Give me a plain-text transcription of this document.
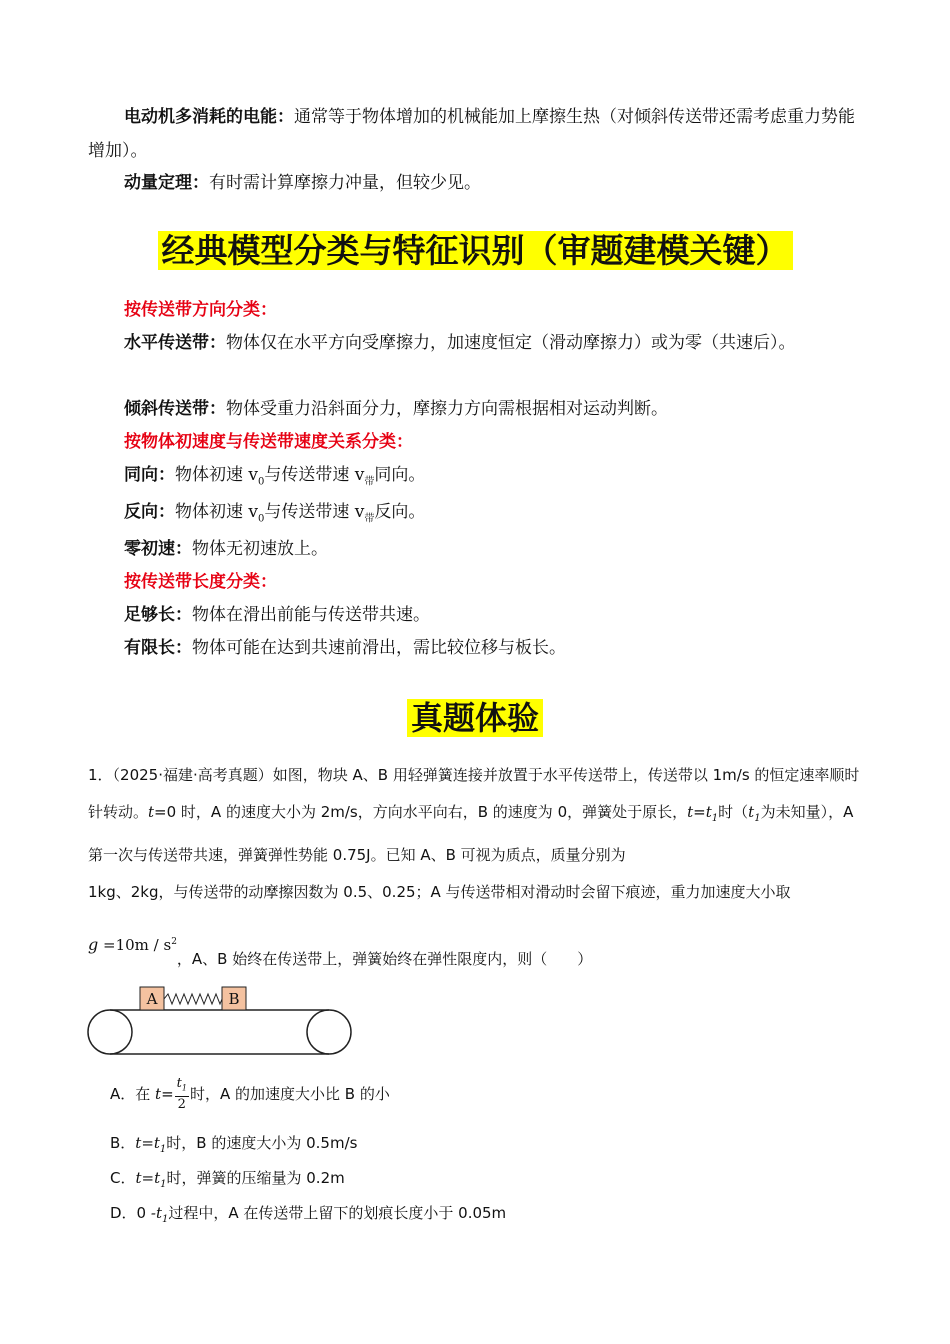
电动机多消耗的电能：通常等于物体增加的机械能加上摩擦生热（对倾斜传送带还需考虑重力势能增加）。

动量定理：有时需计算摩擦力冲量，但较少见。

经典模型分类与特征识别（审题建模关键）

按传送带方向分类：

水平传送带：物体仅在水平方向受摩擦力，加速度恒定（滑动摩擦力）或为零（共速后）。

倾斜传送带：物体受重力沿斜面分力，摩擦力方向需根据相对运动判断。

按物体初速度与传送带速度关系分类：

同向：物体初速 $v_0$与传送带速 $v_带$同向。

反向：物体初速 $v_0$与传送带速 $v_带$反向。

零初速：物体无初速放上。

按传送带长度分类：

足够长：物体在滑出前能与传送带共速。

有限长：物体可能在达到共速前滑出，需比较位移与板长。

真题体验

1．（2025·福建·高考真题）如图，物块 A、B 用轻弹簧连接并放置于水平传送带上，传送带以 1m/s 的恒定速率顺时针转动。t=0 时，A 的速度大小为 2m/s，方向水平向右，B 的速度为 0，弹簧处于原长，$t=t_1$时（$t_1$为未知量），A 第一次与传送带共速，弹簧弹性势能 0.75J。已知 A、B 可视为质点，质量分别为
1kg、2kg，与传送带的动摩擦因数为 0.5、0.25；A 与传送带相对滑动时会留下痕迹，重力加速度大小取

$g =10m / s^2$，A、B 始终在传送带上，弹簧始终在弹性限度内，则（　　）
A	B
A．在 $t= \frac{t_1}{2}$ 时，A 的加速度大小比 B 的小
B．$t=t_1$时，B 的速度大小为 0.5m/s
C．$t=t_1$时，弹簧的压缩量为 0.2m
D．0 $-t_1$过程中，A 在传送带上留下的划痕长度小于 0.05m
